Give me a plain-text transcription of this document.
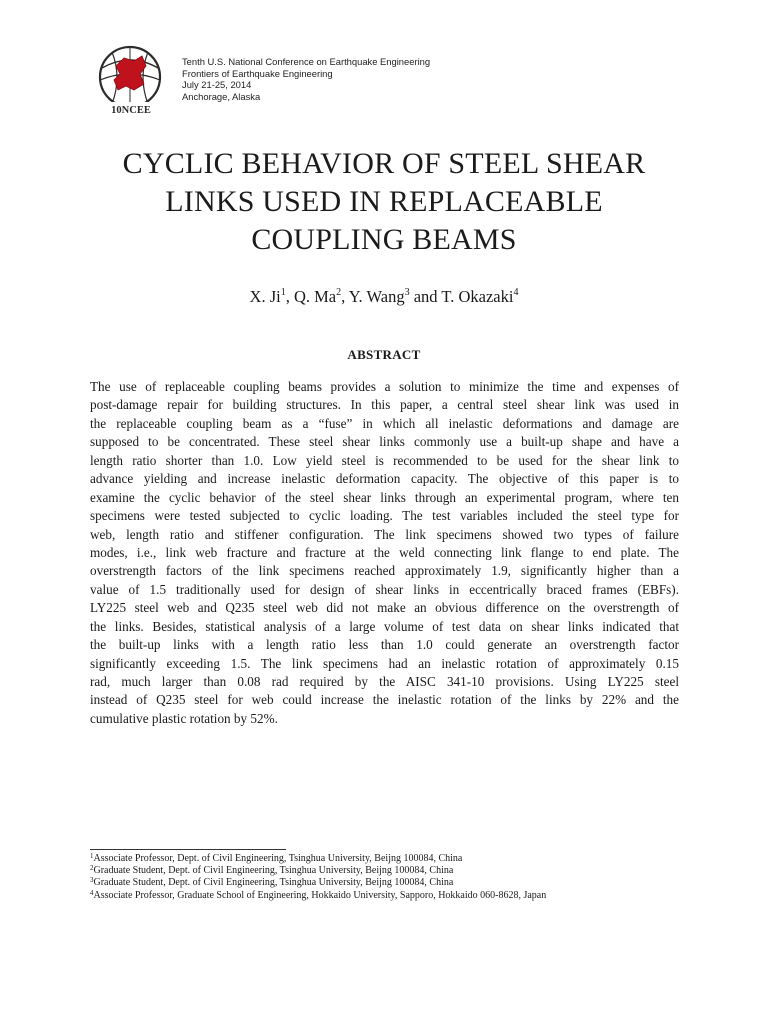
10NCEE
Tenth U.S. National Conference on Earthquake Engineering
Frontiers of Earthquake Engineering
July 21-25, 2014
Anchorage, Alaska
CYCLIC BEHAVIOR OF STEEL SHEAR
LINKS USED IN REPLACEABLE
COUPLING BEAMS
X. Ji$^1$, Q. Ma$^2$, Y. Wang$^3$ and T. Okazaki$^4$
ABSTRACT
The use of replaceable coupling beams provides a solution to minimize the time and expenses of
post-damage repair for building structures. In this paper, a central steel shear link was used in
the replaceable coupling beam as a “fuse” in which all inelastic deformations and damage are
supposed to be concentrated. These steel shear links commonly use a built-up shape and have a
length ratio shorter than 1.0. Low yield steel is recommended to be used for the shear link to
advance yielding and increase inelastic deformation capacity. The objective of this paper is to
examine the cyclic behavior of the steel shear links through an experimental program, where ten
specimens were tested subjected to cyclic loading. The test variables included the steel type for
web, length ratio and stiffener configuration. The link specimens showed two types of failure
modes, i.e., link web fracture and fracture at the weld connecting link flange to end plate. The
overstrength factors of the link specimens reached approximately 1.9, significantly higher than a
value of 1.5 traditionally used for design of shear links in eccentrically braced frames (EBFs).
LY225 steel web and Q235 steel web did not make an obvious difference on the overstrength of
the links. Besides, statistical analysis of a large volume of test data on shear links indicated that
the built-up links with a length ratio less than 1.0 could generate an overstrength factor
significantly exceeding 1.5. The link specimens had an inelastic rotation of approximately 0.15
rad, much larger than 0.08 rad required by the AISC 341-10 provisions. Using LY225 steel
instead of Q235 steel for web could increase the inelastic rotation of the links by 22% and the
cumulative plastic rotation by 52%.
$^1$Associate Professor, Dept. of Civil Engineering, Tsinghua University, Beijng 100084, China
$^2$Graduate Student, Dept. of Civil Engineering, Tsinghua University, Beijng 100084, China
$^3$Graduate Student, Dept. of Civil Engineering, Tsinghua University, Beijng 100084, China
$^4$Associate Professor, Graduate School of Engineering, Hokkaido University, Sapporo, Hokkaido 060-8628, Japan
